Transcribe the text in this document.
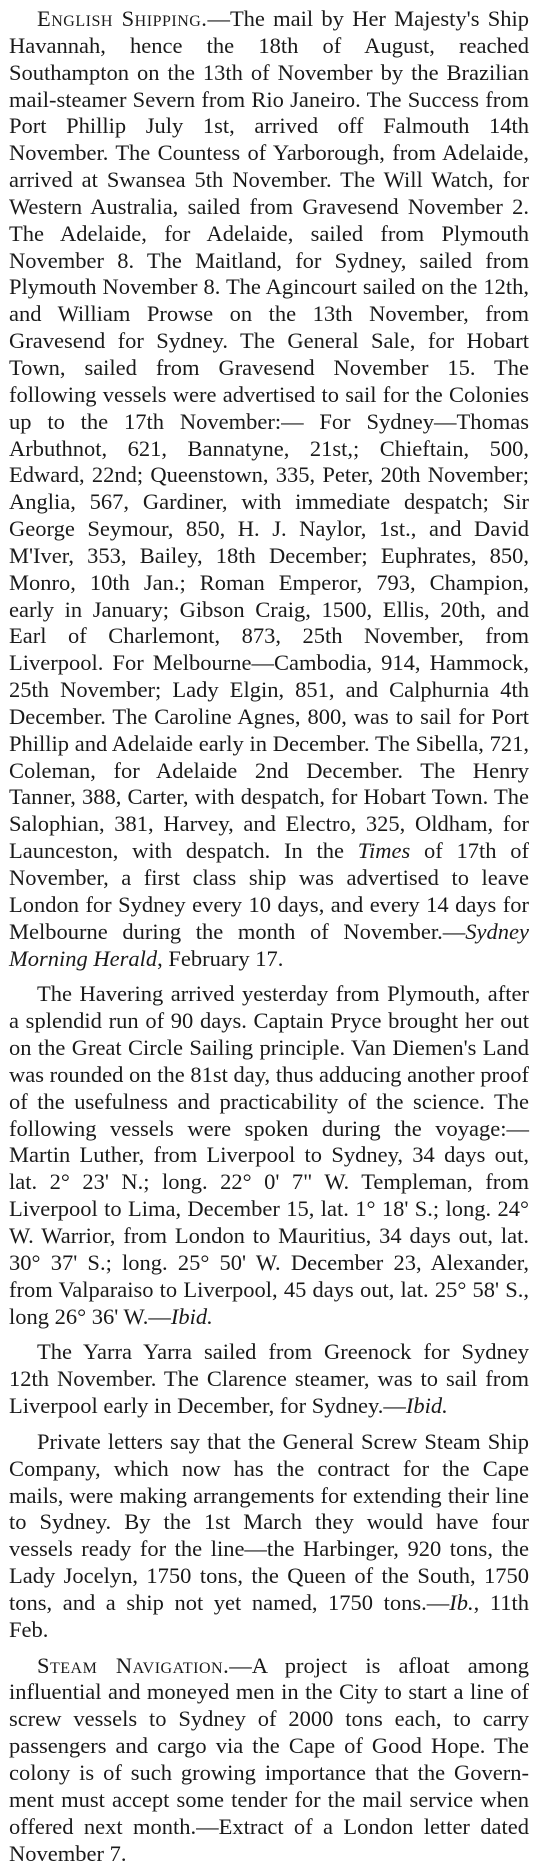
English Shipping.—The mail by Her Majesty's Ship Havannah, hence the 18th of August, reached Southampton on the 13th of November by the Brazilian mail-steamer Severn from Rio Janeiro. The Success from Port Phillip July 1st, arrived off Falmouth 14th November. The Countess of Yarborough, from Adelaide, arrived at Swansea 5th November. The Will Watch, for Western Australia, sailed from Gravesend November 2. The Adelaide, for Adelaide, sailed from Plymouth November 8. The Maitland, for Sydney, sailed from Plymouth November 8. The Agincourt sailed on the 12th, and William Prowse on the 13th November, from Gravesend for Sydney. The General Sale, for Hobart Town, sailed from Gravesend November 15. The following vessels were advertised to sail for the Colonies up to the 17th November:— For Sydney—Thomas Arbuthnot, 621, Bannatyne, 21st,; Chieftain, 500, Edward, 22nd; Queenstown, 335, Peter, 20th November; Anglia, 567, Gardiner, with immediate despatch; Sir George Seymour, 850, H. J. Naylor, 1st., and David M'Iver, 353, Bailey, 18th December; Euphrates, 850, Monro, 10th Jan.; Roman Emperor, 793, Champion, early in January; Gibson Craig, 1500, Ellis, 20th, and Earl of Charlemont, 873, 25th November, from Liverpool. For Melbourne—Cambodia, 914, Hammock, 25th November; Lady Elgin, 851, and Calphurnia 4th December. The Caroline Agnes, 800, was to sail for Port Phillip and Adelaide early in December. The Sibella, 721, Coleman, for Adelaide 2nd December. The Henry Tanner, 388, Carter, with despatch, for Hobart Town. The Salophian, 381, Harvey, and Electro, 325, Oldham, for Launceston, with despatch. In the Times of 17th of November, a first class ship was advertised to leave London for Sydney every 10 days, and every 14 days for Melbourne during the month of November.—Sydney Morning Herald, February 17.

The Havering arrived yesterday from Plymouth, after a splendid run of 90 days. Captain Pryce brought her out on the Great Circle Sailing principle. Van Diemen's Land was rounded on the 81st day, thus adducing another proof of the usefulness and practicability of the science. The following vessels were spoken during the voyage:—Martin Luther, from Liverpool to Sydney, 34 days out, lat. 2° 23' N.; long. 22° 0' 7" W. Templeman, from Liverpool to Lima, December 15, lat. 1° 18' S.; long. 24° W. Warrior, from London to Mauritius, 34 days out, lat. 30° 37' S.; long. 25° 50' W. December 23, Alexander, from Valparaiso to Liverpool, 45 days out, lat. 25° 58' S., long 26° 36' W.—Ibid.

The Yarra Yarra sailed from Greenock for Sydney 12th November. The Clarence steamer, was to sail from Liverpool early in December, for Sydney.—Ibid.

Private letters say that the General Screw Steam Ship Company, which now has the contract for the Cape mails, were making arrangements for extending their line to Sydney. By the 1st March they would have four vessels ready for the line—the Harbinger, 920 tons, the Lady Jocelyn, 1750 tons, the Queen of the South, 1750 tons, and a ship not yet named, 1750 tons.—Ib., 11th Feb.

Steam Navigation.—A project is afloat among influential and moneyed men in the City to start a line of screw vessels to Sydney of 2000 tons each, to carry passengers and cargo via the Cape of Good Hope. The colony is of such growing importance that the Government must accept some tender for the mail service when offered next month.—Extract of a London letter dated November 7.
